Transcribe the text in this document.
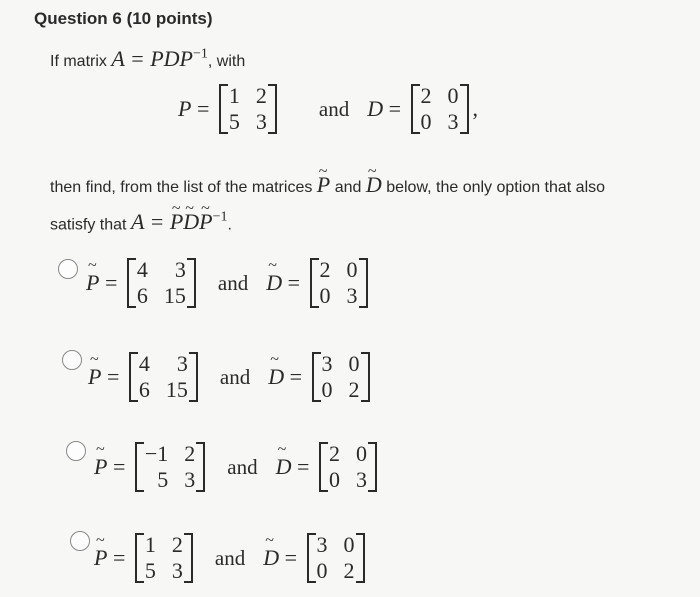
Question 6 (10 points)
If matrix $A = PDP^{-1}$, with
P =
1 2
5 3
and D =
2 0
0 3
,
then find, from the list of the matrices ~ P and ~ D below, the only option that also
satisfy that A = ~ P~ D~ $P^{-1}$.
~ P =
4	3
6 15
and ~ D =
2 0
0 3
~ P =
4	3
6 15
and ~ D =
3 0
0 2
~ P =
−1 2
5 3
and ~ D =
2 0
0 3
~ P =
1 2
5 3
and ~ D =
3 0
0 2
